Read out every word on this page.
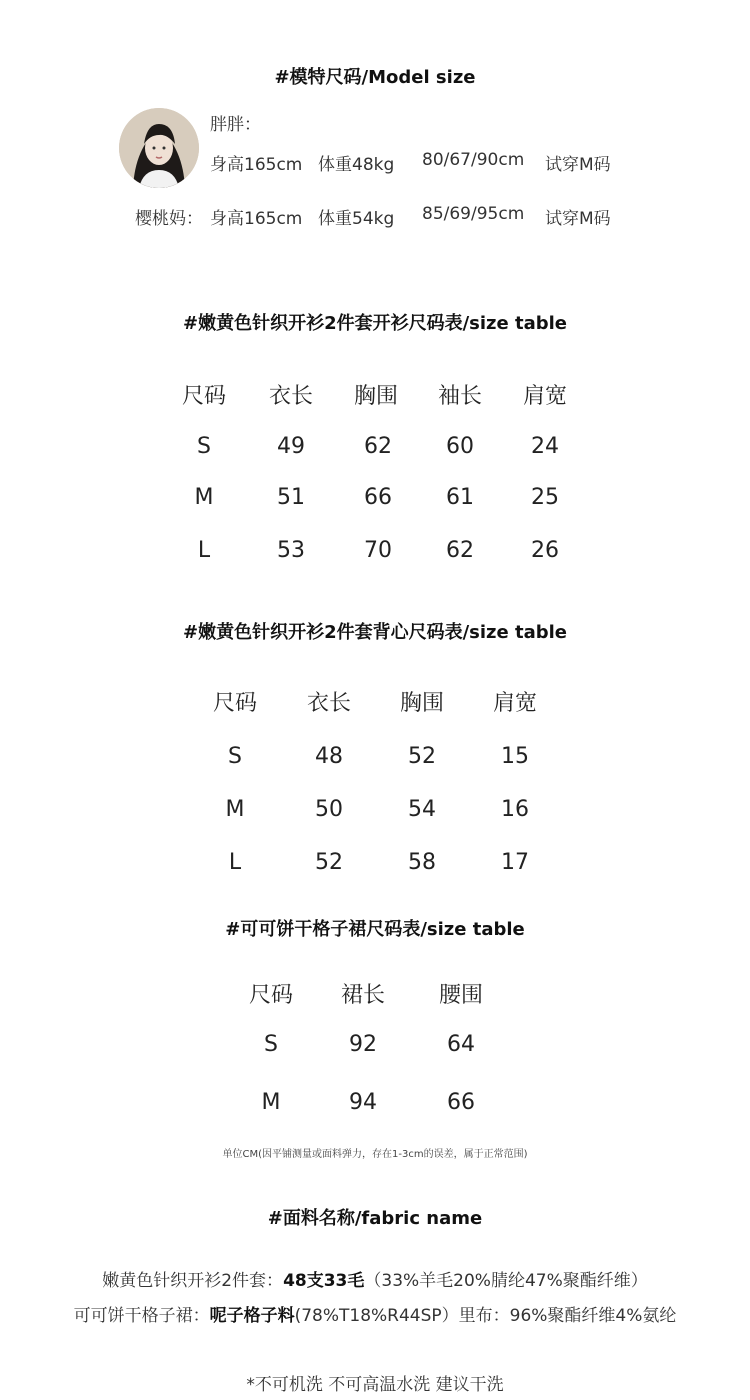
#模特尺码/Model size
胖胖：
身高165cm 体重48kg 80/67/90cm 试穿M码
樱桃妈： 身高165cm 体重54kg 85/69/95cm 试穿M码
#嫩黄色针织开衫2件套开衫尺码表/size table
尺码	衣长	胸围	袖长	肩宽
S	49	62	60	24
M	51	66	61	25
L	53	70	62	26
#嫩黄色针织开衫2件套背心尺码表/size table
尺码	衣长	胸围	肩宽
S	48	52	15
M	50	54	16
L	52	58	17
#可可饼干格子裙尺码表/size table
尺码	裙长	腰围
S	92	64
M	94	66
单位CM(因平铺测量或面料弹力，存在1-3cm的误差，属于正常范围)
#面料名称/fabric name
嫩黄色针织开衫2件套：48支33毛（33%羊毛20%腈纶47%聚酯纤维）
可可饼干格子裙：呢子格子料(78%T18%R44SP）里布：96%聚酯纤维4%氨纶
*不可机洗 不可高温水洗 建议干洗
